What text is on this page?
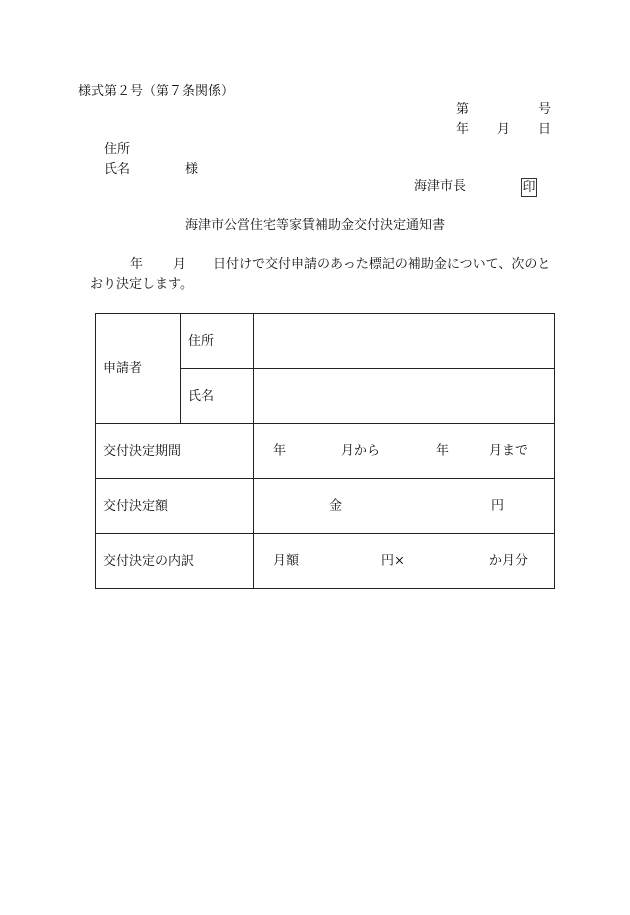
様式第２号（第７条関係）
第	号
年 月 日
住所
氏名	様
海津市長	印
海津市公営住宅等家賃補助金交付決定通知書
年 月 日付けで交付申請のあった標記の補助金について、次のと
おり決定します。
申請者	住所	
	氏名	
交付決定期間		年 月から 年 月まで

交付決定額		金 円

交付決定の内訳		月額 円× か月分
